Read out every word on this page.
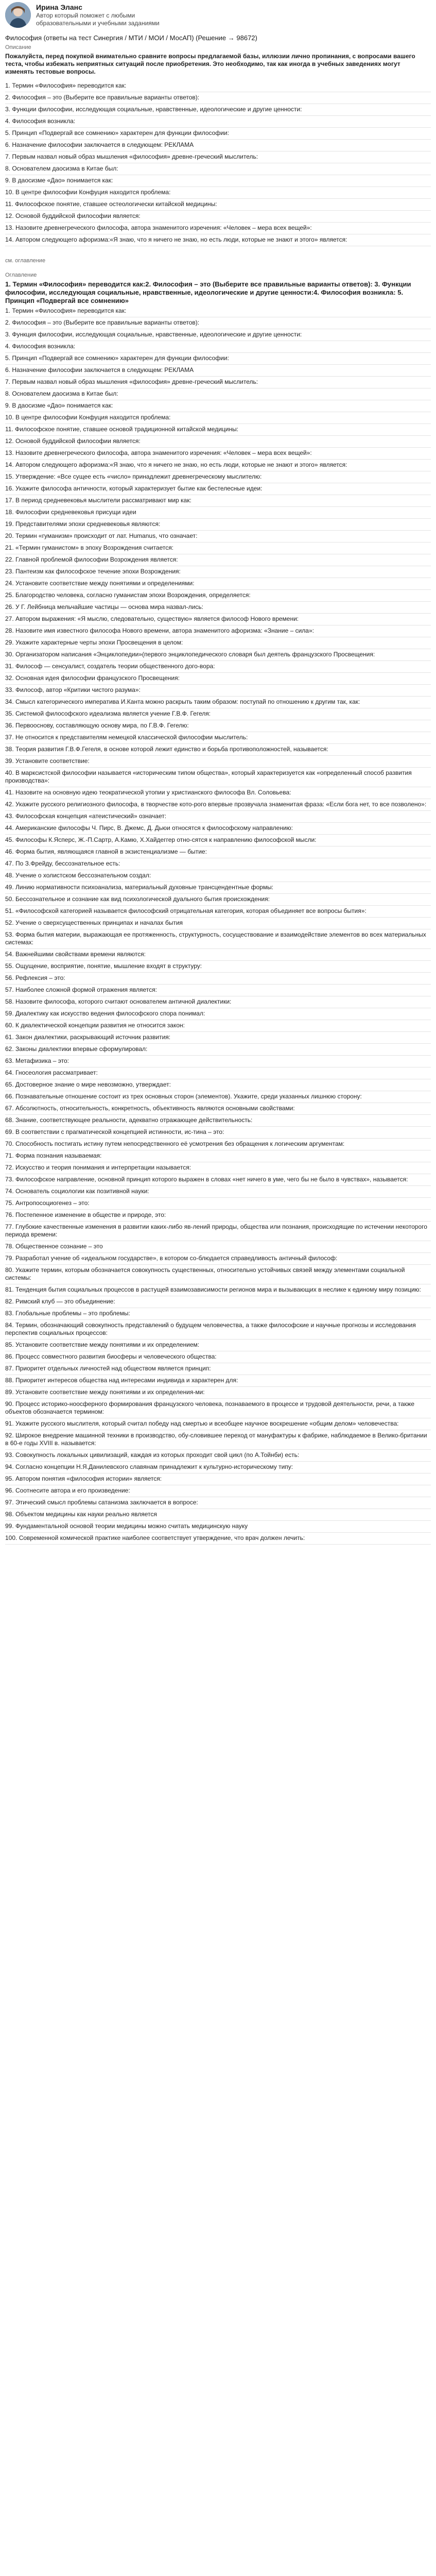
Ирина Эланс
Автор который поможет с любыми образовательными и учебными заданиями
Философия (ответы на тест Синергия / МТИ / МОИ / МосАП) (Решение → 98672)
Описание
Пожалуйста, перед покупкой внимательно сравните вопросы предлагаемой базы, иллюзии лично пропинания, с вопросами вашего теста, чтобы избежать неприятных ситуаций после приобретения. Это необходимо, так как иногда в учебных заведениях могут изменять тестовые вопросы.
1. Термин «Философия» переводится как:
2. Философия – это (Выберите все правильные варианты ответов):
3. Функции философии, исследующая социальные, нравственные, идеологические и другие ценности:
4. Философия возникла:
5. Принцип «Подвергай все сомнению» характерен для функции философии:
6. Назначение философии заключается в следующем: РЕКЛАМА
7. Первым назвал новый образ мышления «философия» древне-греческий мыслитель:
8. Основателем даосизма в Китае был:
9. В даосизме «Дао» понимается как:
10. В центре философии Конфуция находится проблема:
11. Философское понятие, ставшее остеологически китайской медицины:
12. Основой буддийской философии является:
13. Назовите древнегреческого философа, автора знаменитого изречения: «Человек – мера всех вещей»:
14. Автором следующего афоризма:«Я знаю, что я ничего не знаю, но есть люди, которые не знают и этого» является:
см. оглавление
Оглавление
1. Термин «Философия» переводится как:2. Философия – это (Выберите все правильные варианты ответов): 3. Функции философии, исследующая социальные, нравственные, идеологические и другие ценности:4. Философия возникла: 5. Принцип «Подвергай все сомнению»
1. Термин «Философия» переводится как:
2. Философия – это (Выберите все правильные варианты ответов):
3. Функция философии, исследующая социальные, нравственные, идеологические и другие ценности:
4. Философия возникла:
5. Принцип «Подвергай все сомнению» характерен для функции философии:
6. Назначение философии заключается в следующем: РЕКЛАМА
7. Первым назвал новый образ мышления «философия» древне-греческий мыслитель:
8. Основателем даосизма в Китае был:
9. В даосизме «Дао» понимается как:
10. В центре философии Конфуция находится проблема:
11. Философское понятие, ставшее основой традиционной китайской медицины:
12. Основой буддийской философии является:
13. Назовите древнегреческого философа, автора знаменитого изречения: «Человек – мера всех вещей»:
14. Автором следующего афоризма:«Я знаю, что я ничего не знаю, но есть люди, которые не знают и этого» является:
15. Утверждение: «Все сущее есть «число» принадлежит древнегреческому мыслителю:
16. Укажите философа античности, который характеризует бытие как бестелесные идеи:
17. В период средневековья мыслители рассматривают мир как:
18. Философии средневековья присущи идеи
19. Представителями эпохи средневековья являются:
20. Термин «гуманизм» происходит от лат. Humanus, что означает:
21. «Термин гуманистом» в эпоху Возрождения считается:
22. Главной проблемой философии Возрождения является:
23. Пантеизм как философское течение эпохи Возрождения:
24. Установите соответствие между понятиями и определениями:
25. Благородство человека, согласно гуманистам эпохи Возрождения, определяется:
26. У Г. Лейбница мельчайшие частицы — основа мира назвал-лись:
27. Автором выражения: «Я мыслю, следовательно, существую» является философ Нового времени:
28. Назовите имя известного философа Нового времени, автора знаменитого афоризма: «Знание – сила»:
29. Укажите характерные черты эпохи Просвещения в целом:
30. Организатором написания «Энциклопедии»(первого энциклопедического словаря был деятель французского Просвещения:
31. Философ — сенсуалист, создатель теории общественного дого-вора:
32. Основная идея философии французского Просвещения:
33. Философ, автор «Критики чистого разума»:
34. Смысл категорического императива И.Канта можно раскрыть таким образом: поступай по отношению к другим так, как:
35. Системой философского идеализма является учение Г.В.Ф. Гегеля:
36. Первооснову, составляющую основу мира, по Г.В.Ф. Гегелю:
37. Не относится к представителям немецкой классической философии мыслитель:
38. Теория развития Г.В.Ф.Гегеля, в основе которой лежит единство и борьба противоположностей, называется:
39. Установите соответствие:
40. В марксистской философии называется «историческим типом общества», который характеризуется как «определенный способ развития производства»:
41. Назовите на основную идею теократической утопии у христианского философа Вл. Соловьева:
42. Укажите русского религиозного философа, в творчестве кото-рого впервые прозвучала знаменитая фраза: «Если бога нет, то все позволено»:
43. Философская концепция «атеистический» означает:
44. Американские философы Ч. Пирс, В. Джемс, Д. Дьюи относятся к философскому направлению:
45. Философы К.Ясперс, Ж.-П.Сартр, А.Камю, Х.Хайдеггер отно-сятся к направлению философской мысли:
46. Форма бытия, являющаяся главной в экзистенциализме — бытие:
47. По З.Фрейду, бессознательное есть:
48. Учение о холистском бессознательном создал:
49. Линию нормативности психоанализа, материальный духовные трансцендентные формы:
50. Бессознательное и сознание как вид психологической дуального бытия происхождения:
51. «Философской категорией называется философский отрицательная категория, которая объединяет все вопросы бытия»:
52. Учение о сверхсущественных принципах и началах бытия
53. Форма бытия материи, выражающая ее протяженность, структурность, сосуществование и взаимодействие элементов во всех материальных системах:
54. Важнейшими свойствами времени являются:
55. Ощущение, восприятие, понятие, мышление входят в структуру:
56. Рефлексия – это:
57. Наиболее сложной формой отражения является:
58. Назовите философа, которого считают основателем античной диалектики:
59. Диалектику как искусство ведения философского спора понимал:
60. К диалектической концепции развития не относится закон:
61. Закон диалектики, раскрывающий источник развития:
62. Законы диалектики впервые сформулировал:
63. Метафизика – это:
64. Гносеология рассматривает:
65. Достоверное знание о мире невозможно, утверждает:
66. Познавательные отношение состоит из трех основных сторон (элементов). Укажите, среди указанных лишнюю сторону:
67. Абсолютность, относительность, конкретность, объективность являются основными свойствами:
68. Знание, соответствующее реальности, адекватно отражающее действительность:
69. В соответствии с прагматической концепцией истинности, ис-тина – это:
70. Способность постигать истину путем непосредственного её усмотрения без обращения к логическим аргументам:
71. Форма познания называемая:
72. Искусство и теория понимания и интерпретации называется:
73. Философское направление, основной принцип которого выражен в словах «нет ничего в уме, чего бы не было в чувствах», называется:
74. Основатель социологии как позитивной науки:
75. Антропосоциогенез – это:
76. Постепенное изменение в обществе и природе, это:
77. Глубокие качественные изменения в развитии каких-либо яв-лений природы, общества или познания, происходящие по истечении некоторого периода времени:
78. Общественное сознание – это
79. Разработал учение об «идеальном государстве», в котором со-блюдается справедливость античный философ:
80. Укажите термин, которым обозначается совокупность существенных, относительно устойчивых связей между элементами социальной системы:
81. Тенденция бытия социальных процессов в растущей взаимозависимости регионов мира и вызывающих в неслике к единому миру позицию:
82. Римский клуб — это объединение:
83. Глобальные проблемы – это проблемы:
84. Термин, обозначающий совокупность представлений о будущем человечества, а также философские и научные прогнозы и исследования перспектив социальных процессов:
85. Установите соответствие между понятиями и их определением:
86. Процесс совместного развития биосферы и человеческого общества:
87. Приоритет отдельных личностей над обществом является принцип:
88. Приоритет интересов общества над интересами индивида и характерен для:
89. Установите соответствие между понятиями и их определения-ми:
90. Процесс историко-ноосферного формирования французского человека, познаваемого в процессе и трудовой деятельности, речи, а также объектов обозначается термином:
91. Укажите русского мыслителя, который считал победу над смертью и всеобщее научное воскрешение «общим делом» человечества:
92. Широкое внедрение машинной техники в производство, обу-словившее переход от мануфактуры к фабрике, наблюдаемое в Велико-британии в 60-е годы XVIII в. называется:
93. Совокупность локальных цивилизаций, каждая из которых проходит свой цикл (по А.Тойнби) есть:
94. Согласно концепции Н.Я.Данилевского славянам принадлежит к культурно-историческому типу:
95. Автором понятия «философия истории» является:
96. Соотнесите автора и его произведение:
97. Этический смысл проблемы сатанизма заключается в вопросе:
98. Объектом медицины как науки реально является
99. Фундаментальной основой теории медицины можно считать медицинскую науку
100. Современной комической практике наиболее соответствует утверждение, что врач должен лечить:
